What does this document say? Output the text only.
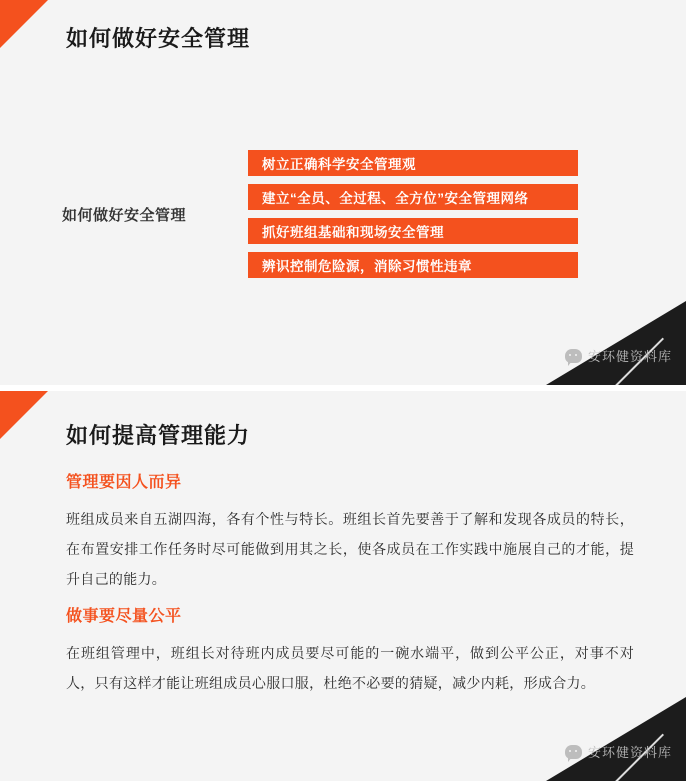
如何做好安全管理
如何做好安全管理
树立正确科学安全管理观
建立“全员、全过程、全方位”安全管理网络
抓好班组基础和现场安全管理
辨识控制危险源，消除习惯性违章
安环健资料库
如何提高管理能力
管理要因人而异
班组成员来自五湖四海，各有个性与特长。班组长首先要善于了解和发现各成员的特长，在布置安排工作任务时尽可能做到用其之长，使各成员在工作实践中施展自己的才能，提升自己的能力。
做事要尽量公平
在班组管理中，班组长对待班内成员要尽可能的一碗水端平，做到公平公正，对事不对人，只有这样才能让班组成员心服口服，杜绝不必要的猜疑，减少内耗，形成合力。
安环健资料库
